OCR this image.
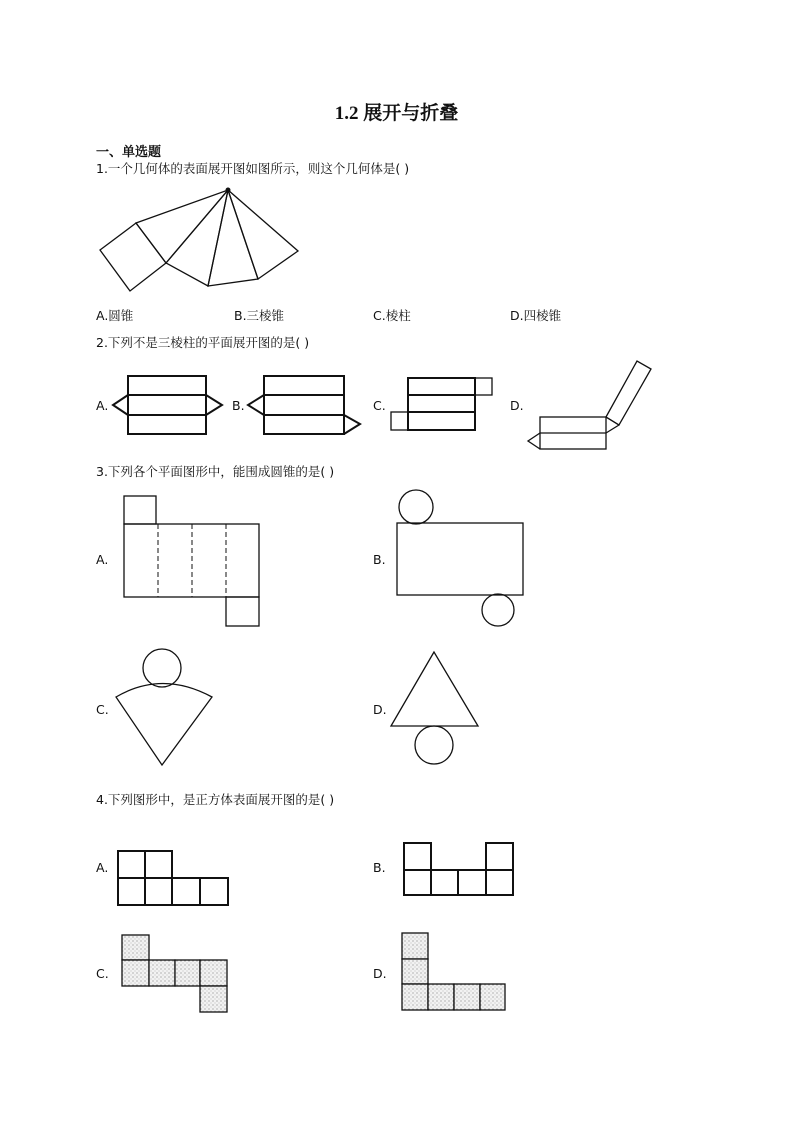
1.2 展开与折叠
一、单选题
1.一个几何体的表面展开图如图所示，则这个几何体是( )
A.圆锥	B.三棱锥	C.棱柱	D.四棱锥
2.下列不是三棱柱的平面展开图的是( )
A.	B.	C.	D.
3.下列各个平面图形中，能围成圆锥的是( )
A.	B.
C.	D.
4.下列图形中，是正方体表面展开图的是( )
A.	B.
C.	D.
